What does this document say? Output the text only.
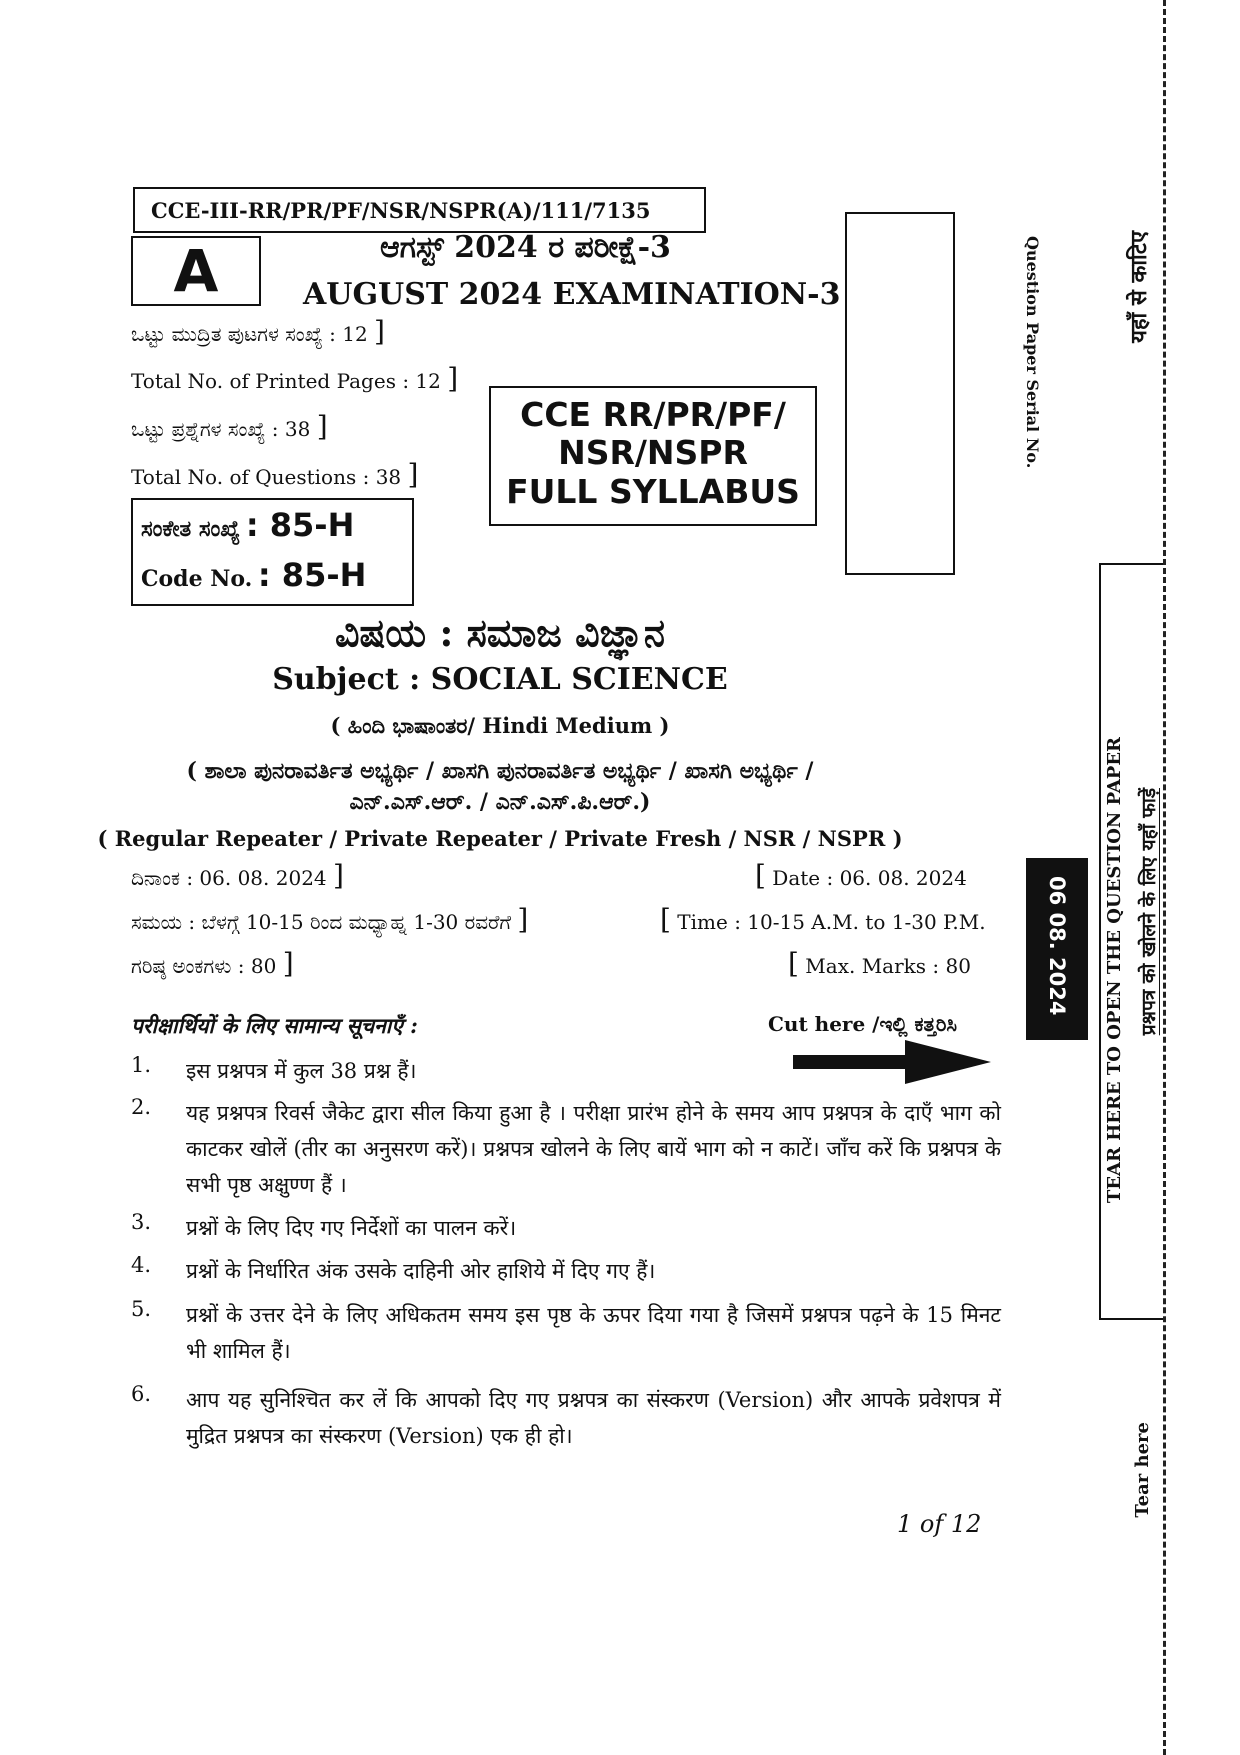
CCE-III-RR/PR/PF/NSR/NSPR(A)/111/7135
A	ಆಗಸ್ಟ್ 2024 ರ ಪರೀಕ್ಷೆ-3
AUGUST 2024 EXAMINATION-3
ಒಟ್ಟು ಮುದ್ರಿತ ಪುಟಗಳ ಸಂಖ್ಯೆ : 12 ]
Total No. of Printed Pages : 12 ]
ಒಟ್ಟು ಪ್ರಶ್ನೆಗಳ ಸಂಖ್ಯೆ : 38 ]
Total No. of Questions : 38 ]
CCE RR/PR/PF/
NSR/NSPR
FULL SYLLABUS
ಸಂಕೇತ ಸಂಖ್ಯೆ : 85-H
Code No. : 85-H
Question Paper Serial No.
ವಿಷಯ : ಸಮಾಜ ವಿಜ್ಞಾನ
Subject : SOCIAL SCIENCE
( ಹಿಂದಿ ಭಾಷಾಂತರ/ Hindi Medium )
( ಶಾಲಾ ಪುನರಾವರ್ತಿತ ಅಭ್ಯರ್ಥಿ / ಖಾಸಗಿ ಪುನರಾವರ್ತಿತ ಅಭ್ಯರ್ಥಿ / ಖಾಸಗಿ ಅಭ್ಯರ್ಥಿ /
ಎನ್.ಎಸ್.ಆರ್. / ಎನ್.ಎಸ್.ಪಿ.ಆರ್.)
( Regular Repeater / Private Repeater / Private Fresh / NSR / NSPR )
ದಿನಾಂಕ : 06. 08. 2024 ]	[ Date : 06. 08. 2024
ಸಮಯ : ಬೆಳಗ್ಗೆ 10-15 ರಿಂದ ಮಧ್ಯಾಹ್ನ 1-30 ರವರೆಗೆ ]	[ Time : 10-15 A.M. to 1-30 P.M.
ಗರಿಷ್ಠ ಅಂಕಗಳು : 80 ]	[ Max. Marks : 80
परीक्षार्थियों के लिए सामान्य सूचनाएँ :	Cut here /ಇಲ್ಲಿ ಕತ್ತರಿಸಿ
1. इस प्रश्नपत्र में कुल 38 प्रश्न हैं।
2. यह प्रश्नपत्र रिवर्स जैकेट द्वारा सील किया हुआ है । परीक्षा प्रारंभ होने के समय आप प्रश्नपत्र के दाएँ भाग को काटकर खोलें (तीर का अनुसरण करें)। प्रश्नपत्र खोलने के लिए बायें भाग को न काटें। जाँच करें कि प्रश्नपत्र के सभी पृष्ठ अक्षुण्ण हैं ।
3. प्रश्नों के लिए दिए गए निर्देशों का पालन करें।
4. प्रश्नों के निर्धारित अंक उसके दाहिनी ओर हाशिये में दिए गए हैं।
5. प्रश्नों के उत्तर देने के लिए अधिकतम समय इस पृष्ठ के ऊपर दिया गया है जिसमें प्रश्नपत्र पढ़ने के 15 मिनट भी शामिल हैं।
6. आप यह सुनिश्चित कर लें कि आपको दिए गए प्रश्नपत्र का संस्करण (Version) और आपके प्रवेशपत्र में मुद्रित प्रश्नपत्र का संस्करण (Version) एक ही हो।
1 of 12
यहाँ से काटिए
TEAR HERE TO OPEN THE QUESTION PAPER प्रश्नपत्र को खोलने के लिए यहाँ फाड़ें
06 08. 2024
Tear here
